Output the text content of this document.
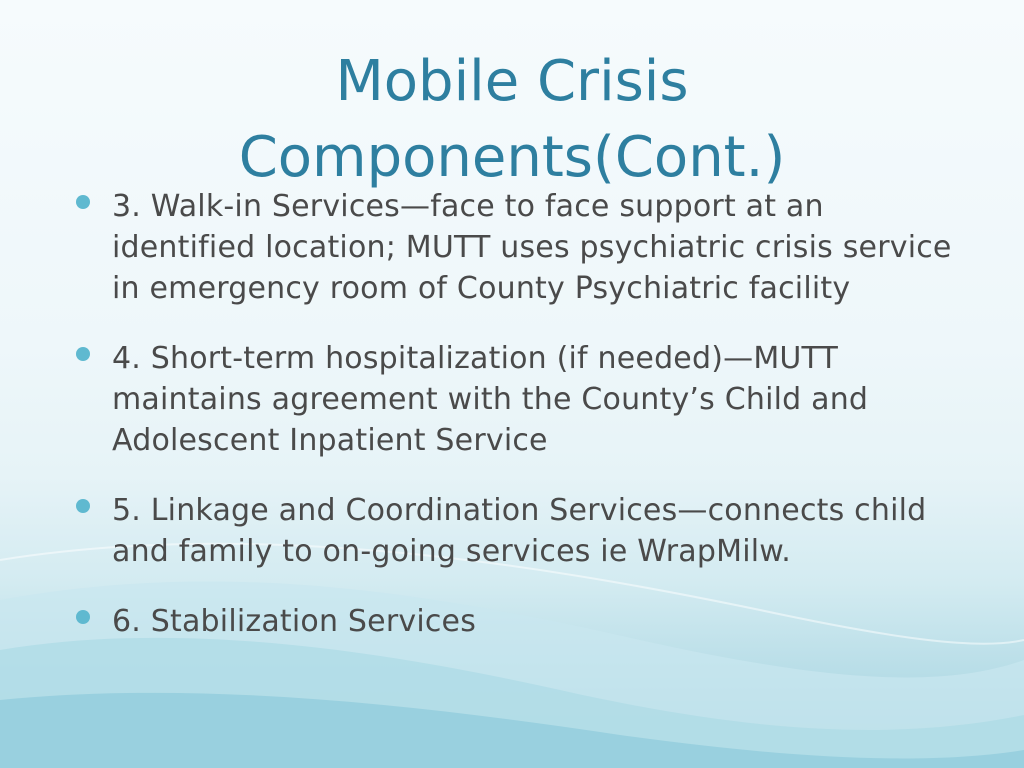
Mobile Crisis
Components(Cont.)
3. Walk-in Services—face to face support at an identified location; MUTT uses psychiatric crisis service in emergency room of County Psychiatric facility
4. Short-term hospitalization (if needed)—MUTT maintains agreement with the County’s Child and Adolescent Inpatient Service
5. Linkage and Coordination Services—connects child and family to on-going services ie WrapMilw.
6. Stabilization Services
